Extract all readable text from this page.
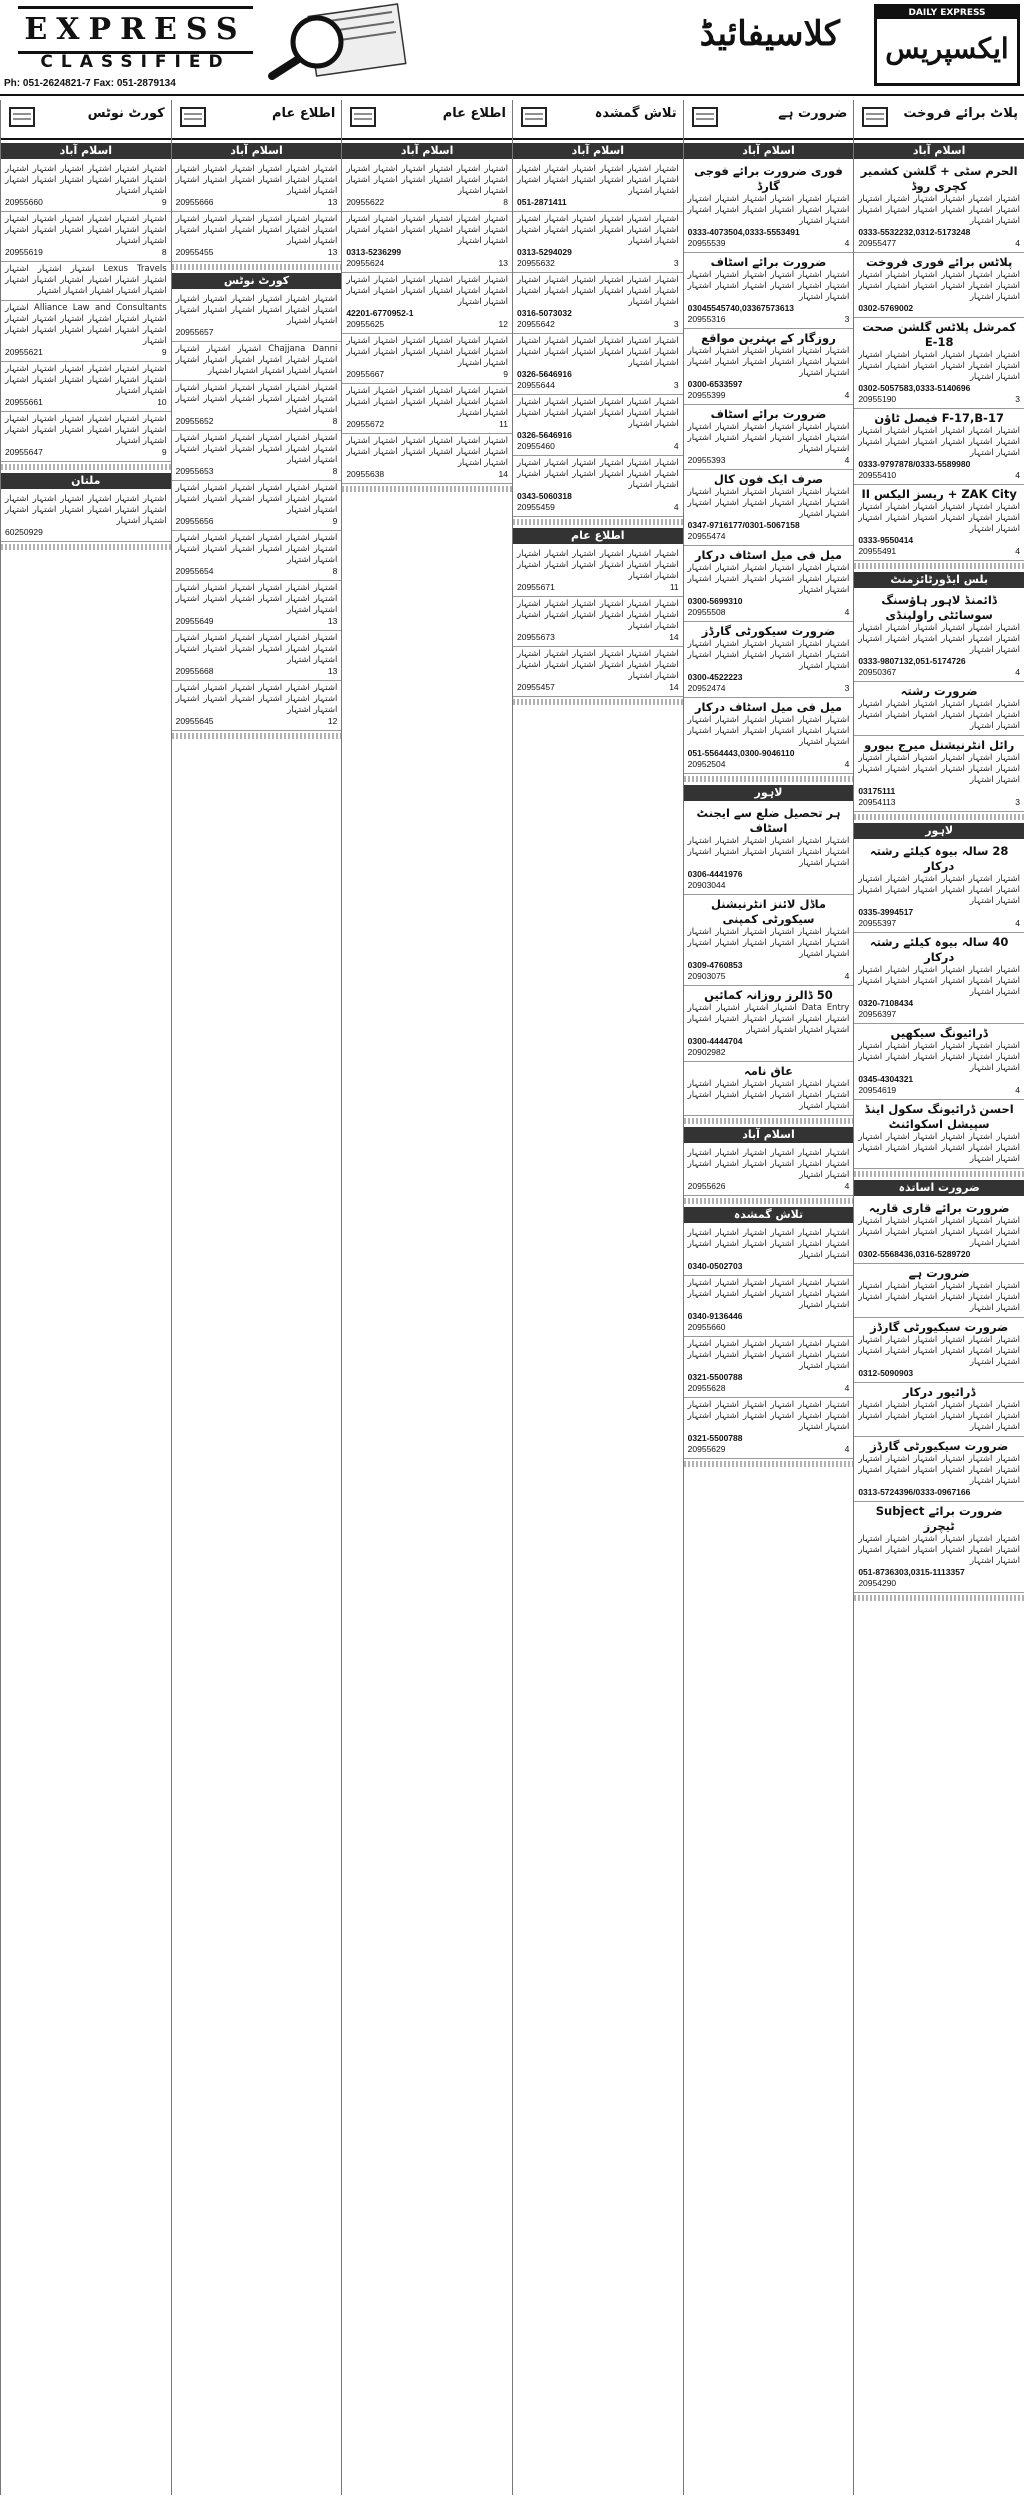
EXPRESS
CLASSIFIED
Ph: 051-2624821-7 Fax: 051-2879134
کلاسیفائیڈ
DAILY EXPRESS
ایکسپریس
پلاٹ برائے فروخت
اسلام آباد
الحرم سٹی + گلشن کشمیر کچری روڈ
اشتہار اشتہار اشتہار اشتہار اشتہار اشتہار اشتہار اشتہار اشتہار اشتہار اشتہار اشتہار اشتہار اشتہار
0333-5532232,0312-5173248
20955477	4
پلاٹس برائے فوری فروخت
اشتہار اشتہار اشتہار اشتہار اشتہار اشتہار اشتہار اشتہار اشتہار اشتہار اشتہار اشتہار اشتہار اشتہار
0302-5769002
کمرشل پلاٹس گلشن صحت E-18
اشتہار اشتہار اشتہار اشتہار اشتہار اشتہار اشتہار اشتہار اشتہار اشتہار اشتہار اشتہار اشتہار اشتہار
0302-5057583,0333-5140696
20955190	3
F-17,B-17 فیصل ٹاؤن
اشتہار اشتہار اشتہار اشتہار اشتہار اشتہار اشتہار اشتہار اشتہار اشتہار اشتہار اشتہار اشتہار اشتہار
0333-9797878/0333-5589980
20955410	4
ZAK City + ریسز الیکس II
اشتہار اشتہار اشتہار اشتہار اشتہار اشتہار اشتہار اشتہار اشتہار اشتہار اشتہار اشتہار اشتہار اشتہار
0333-9550414
20955491	4
بلس ایڈورٹائزمنٹ
ڈائمنڈ لاہور ہاؤسنگ سوسائٹی راولپنڈی
اشتہار اشتہار اشتہار اشتہار اشتہار اشتہار اشتہار اشتہار اشتہار اشتہار اشتہار اشتہار اشتہار اشتہار
0333-9807132,051-5174726
20950367	4
ضرورت رشتہ
اشتہار اشتہار اشتہار اشتہار اشتہار اشتہار اشتہار اشتہار اشتہار اشتہار اشتہار اشتہار اشتہار اشتہار
رائل انٹرنیشنل میرج بیورو
اشتہار اشتہار اشتہار اشتہار اشتہار اشتہار اشتہار اشتہار اشتہار اشتہار اشتہار اشتہار اشتہار اشتہار
03175111
20954113	3
لاہور
28 سالہ بیوہ کیلئے رشتہ درکار
اشتہار اشتہار اشتہار اشتہار اشتہار اشتہار اشتہار اشتہار اشتہار اشتہار اشتہار اشتہار اشتہار اشتہار
0335-3994517
20955397	4
40 سالہ بیوہ کیلئے رشتہ درکار
اشتہار اشتہار اشتہار اشتہار اشتہار اشتہار اشتہار اشتہار اشتہار اشتہار اشتہار اشتہار اشتہار اشتہار
0320-7108434
20956397
ڈرائیونگ سیکھیں
اشتہار اشتہار اشتہار اشتہار اشتہار اشتہار اشتہار اشتہار اشتہار اشتہار اشتہار اشتہار اشتہار اشتہار
0345-4304321
20954619	4
احسن ڈرائیونگ سکول اینڈ سپیشل اسکوائنٹ
اشتہار اشتہار اشتہار اشتہار اشتہار اشتہار اشتہار اشتہار اشتہار اشتہار اشتہار اشتہار اشتہار اشتہار
ضرورت اساتذہ
ضرورت برائے قاری قاریہ
اشتہار اشتہار اشتہار اشتہار اشتہار اشتہار اشتہار اشتہار اشتہار اشتہار اشتہار اشتہار اشتہار اشتہار
0302-5568436,0316-5289720
ضرورت ہے
اشتہار اشتہار اشتہار اشتہار اشتہار اشتہار اشتہار اشتہار اشتہار اشتہار اشتہار اشتہار اشتہار اشتہار
ضرورت سیکیورٹی گارڈز
اشتہار اشتہار اشتہار اشتہار اشتہار اشتہار اشتہار اشتہار اشتہار اشتہار اشتہار اشتہار اشتہار اشتہار
0312-5090903
ڈرائیور درکار
اشتہار اشتہار اشتہار اشتہار اشتہار اشتہار اشتہار اشتہار اشتہار اشتہار اشتہار اشتہار اشتہار اشتہار
ضرورت سیکیورٹی گارڈز
اشتہار اشتہار اشتہار اشتہار اشتہار اشتہار اشتہار اشتہار اشتہار اشتہار اشتہار اشتہار اشتہار اشتہار
0313-5724396/0333-0967166
ضرورت برائے Subject ٹیچرز
اشتہار اشتہار اشتہار اشتہار اشتہار اشتہار اشتہار اشتہار اشتہار اشتہار اشتہار اشتہار اشتہار اشتہار
051-8736303,0315-1113357
20954290
ضرورت ہے
اسلام آباد
فوری ضرورت برائے فوجی گارڈ
اشتہار اشتہار اشتہار اشتہار اشتہار اشتہار اشتہار اشتہار اشتہار اشتہار اشتہار اشتہار اشتہار اشتہار
0333-4073504,0333-5553491
20955539	4
ضرورت برائے اسٹاف
اشتہار اشتہار اشتہار اشتہار اشتہار اشتہار اشتہار اشتہار اشتہار اشتہار اشتہار اشتہار اشتہار اشتہار
03045545740,03367573613
20955316	3
روزگار کے بہترین مواقع
اشتہار اشتہار اشتہار اشتہار اشتہار اشتہار اشتہار اشتہار اشتہار اشتہار اشتہار اشتہار اشتہار اشتہار
0300-6533597
20955399	4
ضرورت برائے اسٹاف
اشتہار اشتہار اشتہار اشتہار اشتہار اشتہار اشتہار اشتہار اشتہار اشتہار اشتہار اشتہار اشتہار اشتہار
20955393	4
صرف ایک فون کال
اشتہار اشتہار اشتہار اشتہار اشتہار اشتہار اشتہار اشتہار اشتہار اشتہار اشتہار اشتہار اشتہار اشتہار
0347-9716177/0301-5067158
20955474
میل فی میل اسٹاف درکار
اشتہار اشتہار اشتہار اشتہار اشتہار اشتہار اشتہار اشتہار اشتہار اشتہار اشتہار اشتہار اشتہار اشتہار
0300-5699310
20955508	4
ضرورت سیکورٹی گارڈز
اشتہار اشتہار اشتہار اشتہار اشتہار اشتہار اشتہار اشتہار اشتہار اشتہار اشتہار اشتہار اشتہار اشتہار
0300-4522223
20952474	3
میل فی میل اسٹاف درکار
اشتہار اشتہار اشتہار اشتہار اشتہار اشتہار اشتہار اشتہار اشتہار اشتہار اشتہار اشتہار اشتہار اشتہار
051-5564443,0300-9046110
20952504	4
لاہور
ہر تحصیل ضلع سے ایجنٹ اسٹاف
اشتہار اشتہار اشتہار اشتہار اشتہار اشتہار اشتہار اشتہار اشتہار اشتہار اشتہار اشتہار اشتہار اشتہار
0306-4441976
20903044
ماڈل لائنز انٹرنیشنل سیکورٹی کمپنی
اشتہار اشتہار اشتہار اشتہار اشتہار اشتہار اشتہار اشتہار اشتہار اشتہار اشتہار اشتہار اشتہار اشتہار
0309-4760853
20903075	4
50 ڈالرز روزانہ کمائیں
Data Entry اشتہار اشتہار اشتہار اشتہار اشتہار اشتہار اشتہار اشتہار اشتہار اشتہار اشتہار اشتہار اشتہار اشتہار
0300-4444704
20902982
عاق نامہ
اشتہار اشتہار اشتہار اشتہار اشتہار اشتہار اشتہار اشتہار اشتہار اشتہار اشتہار اشتہار اشتہار اشتہار
اسلام آباد
اشتہار اشتہار اشتہار اشتہار اشتہار اشتہار اشتہار اشتہار اشتہار اشتہار اشتہار اشتہار اشتہار اشتہار
20955626	4
تلاش گمشدہ
اشتہار اشتہار اشتہار اشتہار اشتہار اشتہار اشتہار اشتہار اشتہار اشتہار اشتہار اشتہار اشتہار اشتہار
0340-0502703
اشتہار اشتہار اشتہار اشتہار اشتہار اشتہار اشتہار اشتہار اشتہار اشتہار اشتہار اشتہار اشتہار اشتہار
0340-9136446
20955660
اشتہار اشتہار اشتہار اشتہار اشتہار اشتہار اشتہار اشتہار اشتہار اشتہار اشتہار اشتہار اشتہار اشتہار
0321-5500788
20955628	4
اشتہار اشتہار اشتہار اشتہار اشتہار اشتہار اشتہار اشتہار اشتہار اشتہار اشتہار اشتہار اشتہار اشتہار
0321-5500788
20955629	4
تلاش گمشدہ
اسلام آباد
اشتہار اشتہار اشتہار اشتہار اشتہار اشتہار اشتہار اشتہار اشتہار اشتہار اشتہار اشتہار اشتہار اشتہار
051-2871411
اشتہار اشتہار اشتہار اشتہار اشتہار اشتہار اشتہار اشتہار اشتہار اشتہار اشتہار اشتہار اشتہار اشتہار
0313-5294029
20955632	3
اشتہار اشتہار اشتہار اشتہار اشتہار اشتہار اشتہار اشتہار اشتہار اشتہار اشتہار اشتہار اشتہار اشتہار
0316-5073032
20955642	3
اشتہار اشتہار اشتہار اشتہار اشتہار اشتہار اشتہار اشتہار اشتہار اشتہار اشتہار اشتہار اشتہار اشتہار
0326-5646916
20955644	3
اشتہار اشتہار اشتہار اشتہار اشتہار اشتہار اشتہار اشتہار اشتہار اشتہار اشتہار اشتہار اشتہار اشتہار
0326-5646916
20955460	4
اشتہار اشتہار اشتہار اشتہار اشتہار اشتہار اشتہار اشتہار اشتہار اشتہار اشتہار اشتہار اشتہار اشتہار
0343-5060318
20955459	4
اطلاع عام
اشتہار اشتہار اشتہار اشتہار اشتہار اشتہار اشتہار اشتہار اشتہار اشتہار اشتہار اشتہار اشتہار اشتہار
20955671	11
اشتہار اشتہار اشتہار اشتہار اشتہار اشتہار اشتہار اشتہار اشتہار اشتہار اشتہار اشتہار اشتہار اشتہار
20955673	14
اشتہار اشتہار اشتہار اشتہار اشتہار اشتہار اشتہار اشتہار اشتہار اشتہار اشتہار اشتہار اشتہار اشتہار
20955457	14
اطلاع عام
اسلام آباد
اشتہار اشتہار اشتہار اشتہار اشتہار اشتہار اشتہار اشتہار اشتہار اشتہار اشتہار اشتہار اشتہار اشتہار
20955622	8
اشتہار اشتہار اشتہار اشتہار اشتہار اشتہار اشتہار اشتہار اشتہار اشتہار اشتہار اشتہار اشتہار اشتہار
0313-5236299
20955624	13
اشتہار اشتہار اشتہار اشتہار اشتہار اشتہار اشتہار اشتہار اشتہار اشتہار اشتہار اشتہار اشتہار اشتہار
42201-6770952-1
20955625	12
اشتہار اشتہار اشتہار اشتہار اشتہار اشتہار اشتہار اشتہار اشتہار اشتہار اشتہار اشتہار اشتہار اشتہار
20955667	9
اشتہار اشتہار اشتہار اشتہار اشتہار اشتہار اشتہار اشتہار اشتہار اشتہار اشتہار اشتہار اشتہار اشتہار
20955672	11
اشتہار اشتہار اشتہار اشتہار اشتہار اشتہار اشتہار اشتہار اشتہار اشتہار اشتہار اشتہار اشتہار اشتہار
20955638	14
اطلاع عام
اسلام آباد
اشتہار اشتہار اشتہار اشتہار اشتہار اشتہار اشتہار اشتہار اشتہار اشتہار اشتہار اشتہار اشتہار اشتہار
20955666	13
اشتہار اشتہار اشتہار اشتہار اشتہار اشتہار اشتہار اشتہار اشتہار اشتہار اشتہار اشتہار اشتہار اشتہار
20955455	13
کورٹ نوٹس
اشتہار اشتہار اشتہار اشتہار اشتہار اشتہار اشتہار اشتہار اشتہار اشتہار اشتہار اشتہار اشتہار اشتہار
20955657
Chajjana Danni اشتہار اشتہار اشتہار اشتہار اشتہار اشتہار اشتہار اشتہار اشتہار اشتہار اشتہار اشتہار اشتہار اشتہار
اشتہار اشتہار اشتہار اشتہار اشتہار اشتہار اشتہار اشتہار اشتہار اشتہار اشتہار اشتہار اشتہار اشتہار
20955652	8
اشتہار اشتہار اشتہار اشتہار اشتہار اشتہار اشتہار اشتہار اشتہار اشتہار اشتہار اشتہار اشتہار اشتہار
20955653	8
اشتہار اشتہار اشتہار اشتہار اشتہار اشتہار اشتہار اشتہار اشتہار اشتہار اشتہار اشتہار اشتہار اشتہار
20955656	9
اشتہار اشتہار اشتہار اشتہار اشتہار اشتہار اشتہار اشتہار اشتہار اشتہار اشتہار اشتہار اشتہار اشتہار
20955654	8
اشتہار اشتہار اشتہار اشتہار اشتہار اشتہار اشتہار اشتہار اشتہار اشتہار اشتہار اشتہار اشتہار اشتہار
20955649	13
اشتہار اشتہار اشتہار اشتہار اشتہار اشتہار اشتہار اشتہار اشتہار اشتہار اشتہار اشتہار اشتہار اشتہار
20955668	13
اشتہار اشتہار اشتہار اشتہار اشتہار اشتہار اشتہار اشتہار اشتہار اشتہار اشتہار اشتہار اشتہار اشتہار
20955645	12
کورٹ نوٹس
اسلام آباد
اشتہار اشتہار اشتہار اشتہار اشتہار اشتہار اشتہار اشتہار اشتہار اشتہار اشتہار اشتہار اشتہار اشتہار
20955660	9
اشتہار اشتہار اشتہار اشتہار اشتہار اشتہار اشتہار اشتہار اشتہار اشتہار اشتہار اشتہار اشتہار اشتہار
20955619	8
Lexus Travels اشتہار اشتہار اشتہار اشتہار اشتہار اشتہار اشتہار اشتہار اشتہار اشتہار اشتہار اشتہار اشتہار اشتہار
Alliance Law and Consultants اشتہار اشتہار اشتہار اشتہار اشتہار اشتہار اشتہار اشتہار اشتہار اشتہار اشتہار اشتہار اشتہار اشتہار
20955621	9
اشتہار اشتہار اشتہار اشتہار اشتہار اشتہار اشتہار اشتہار اشتہار اشتہار اشتہار اشتہار اشتہار اشتہار
20955661	10
اشتہار اشتہار اشتہار اشتہار اشتہار اشتہار اشتہار اشتہار اشتہار اشتہار اشتہار اشتہار اشتہار اشتہار
20955647	9
ملتان
اشتہار اشتہار اشتہار اشتہار اشتہار اشتہار اشتہار اشتہار اشتہار اشتہار اشتہار اشتہار اشتہار اشتہار
60250929
